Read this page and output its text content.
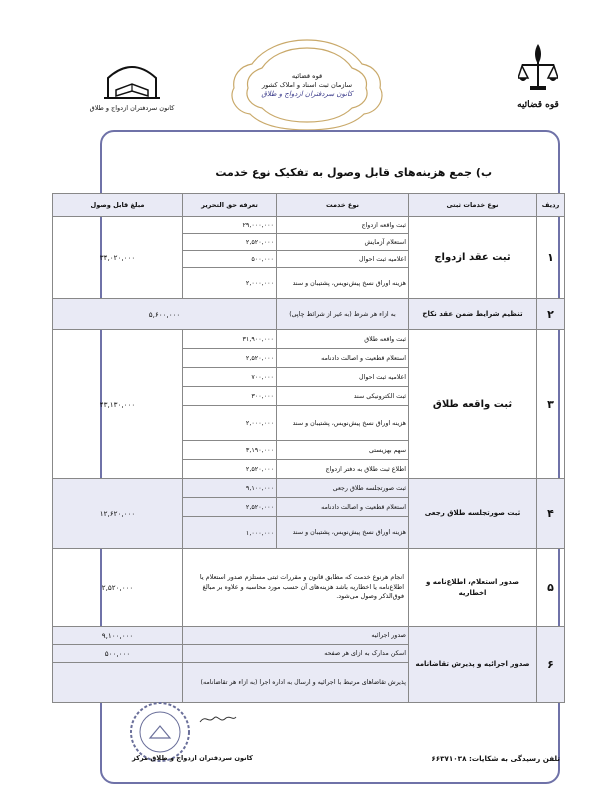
قوه قضائیه
قوه قضائیه
سازمان ثبت اسناد و املاک کشور
کانون سردفتران ازدواج و طلاق
کانون سردفتران ازدواج و طلاق
ب) جمع هزینه‌های قابل وصول به تفکیک نوع خدمت
ردیف	نوع خدمات ثبتی	نوع خدمت	تعرفه حق التحریر	مبلغ قابل وصول
۱	ثبت عقد ازدواج	ثبت واقعه ازدواج	۲۹,۰۰۰,۰۰۰	۳۴,۰۲۰,۰۰۰
		استعلام آزمایش	۲,۵۲۰,۰۰۰	
		اعلامیه ثبت احوال	۵۰۰,۰۰۰	
		هزینه اوراق نسخ پیش‌نویس، پشتیبان و سند	۲,۰۰۰,۰۰۰	
۲	تنظیم شرایط ضمن عقد نکاح	به ازاء هر شرط (به غیر از شرائط چاپی)	۵,۶۰۰,۰۰۰	
۳	ثبت واقعه طلاق	ثبت واقعه طلاق	۳۱,۹۰۰,۰۰۰	۴۳,۱۳۰,۰۰۰
		استعلام قطعیت و اصالت دادنامه	۲,۵۲۰,۰۰۰	
		اعلامیه ثبت احوال	۷۰۰,۰۰۰	
		ثبت الکترونیکی سند	۳۰۰,۰۰۰	
		هزینه اوراق نسخ پیش‌نویس، پشتیبان و سند	۲,۰۰۰,۰۰۰	
		سهم بهزیستی	۳,۱۹۰,۰۰۰	
		اطلاع ثبت طلاق به دفتر ازدواج	۲,۵۲۰,۰۰۰	
۴	ثبت صورتجلسه طلاق رجعی	ثبت صورتجلسه طلاق رجعی	۹,۱۰۰,۰۰۰	۱۲,۶۲۰,۰۰۰
		استعلام قطعیت و اصالت دادنامه	۲,۵۲۰,۰۰۰	
		هزینه اوراق نسخ پیش‌نویس، پشتیبان و سند	۱,۰۰۰,۰۰۰	
۵	صدور استعلام، اطلاع‌نامه و اخطاریه	انجام هرنوع خدمت که مطابق قانون و مقررات ثبتی مستلزم صدور استعلام یا اطلاع‌نامه یا اخطاریه باشد هزینه‌های آن حسب مورد محاسبه و علاوه بر مبالغ فوق‌الذکر وصول می‌شود.		۲,۵۲۰,۰۰۰
۶	صدور اجرائیه و پذیرش تقاضانامه	صدور اجرائیه		۹,۱۰۰,۰۰۰
		اسکن مدارک به ازای هر صفحه		۵۰۰,۰۰۰
		پذیرش تقاضاهای مرتبط با اجرائیه و ارسال به اداره اجرا (به ازاء هر تقاضانامه)		
تلفن رسیدگی به شکایات: ۶۶۳۷۱۰۳۸
کانون سردفتران ازدواج و طلاق مرکز
